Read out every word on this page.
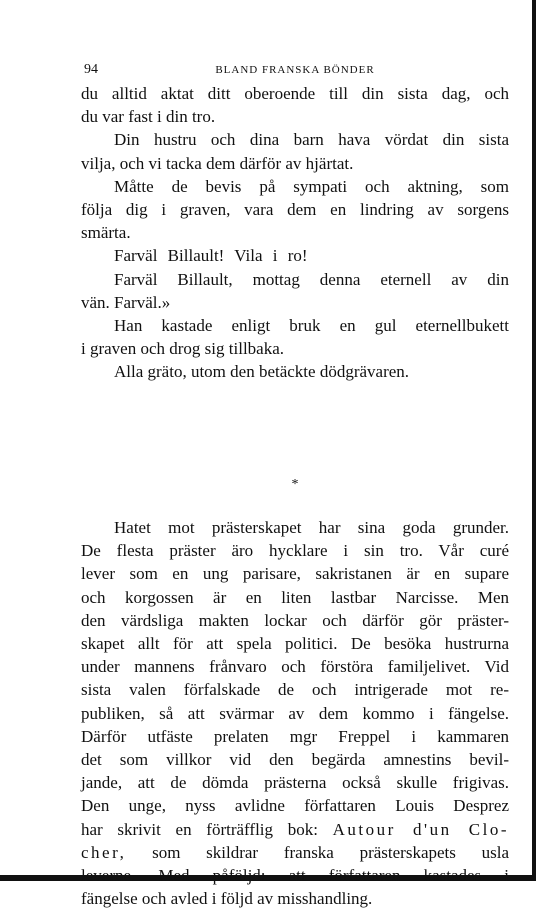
94	BLAND FRANSKA BÖNDER

du alltid aktat ditt oberoende till din sista dag, och
du var fast i din tro.

Din hustru och dina barn hava vördat din sista
vilja, och vi tacka dem därför av hjärtat.

Måtte de bevis på sympati och aktning, som
följa dig i graven, vara dem en lindring av sorgens
smärta.

Farväl Billault! Vila i ro!

Farväl Billault, mottag denna eternell av din
vän. Farväl.»

Han kastade enligt bruk en gul eternellbukett
i graven och drog sig tillbaka.

Alla gräto, utom den betäckte dödgrävaren.

*

Hatet mot prästerskapet har sina goda grunder.
De flesta präster äro hycklare i sin tro. Vår curé
lever som en ung parisare, sakristanen är en supare
och korgossen är en liten lastbar Narcisse. Men
den värdsliga makten lockar och därför gör präster-
skapet allt för att spela politici. De besöka hustrurna
under mannens frånvaro och förstöra familjelivet. Vid
sista valen förfalskade de och intrigerade mot re-
publiken, så att svärmar av dem kommo i fängelse.
Därför utfäste prelaten mgr Freppel i kammaren
det som villkor vid den begärda amnestins bevil-
jande, att de dömda prästerna också skulle frigivas.
Den unge, nyss avlidne författaren Louis Desprez
har skrivit en förträfflig bok: Autour d'un Clo-
cher, som skildrar franska prästerskapets usla
leverne. Med påföljd: att författaren kastades i
fängelse och avled i följd av misshandling.
